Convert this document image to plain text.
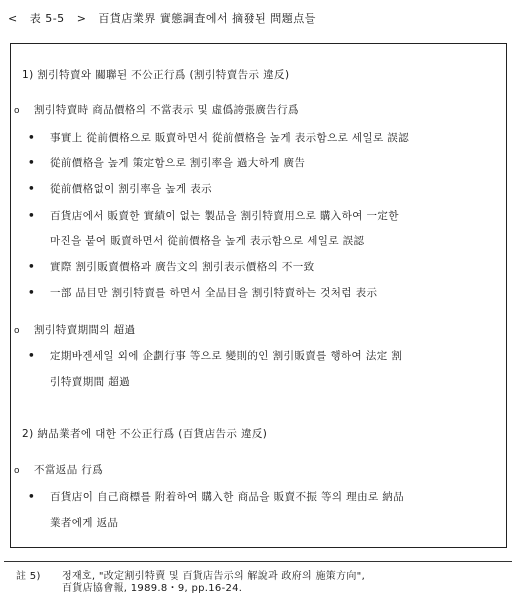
< 表 5-5 > 百貨店業界 實態調査에서 摘發된 問題点들
1) 割引特賣와 關聯된 不公正行爲 (割引特賣告示 違反)
o 割引特賣時 商品價格의 不當表示 및 虛僞誇張廣告行爲
• 事實上 從前價格으로 販賣하면서 從前價格을 높게 表示함으로 세일로 誤認
• 從前價格을 높게 策定함으로 割引率을 過大하게 廣告
• 從前價格없이 割引率을 높게 表示
• 百貨店에서 販賣한 實績이 없는 製品을 割引特賣用으로 購入하여 一定한
마진을 붙여 販賣하면서 從前價格을 높게 表示함으로 세일로 誤認
• 實際 割引販賣價格과 廣告文의 割引表示價格의 不一致
• 一部 品目만 割引特賣를 하면서 全品目을 割引特賣하는 것처럼 表示
o 割引特賣期間의 超過
• 定期바겐세일 외에 企劃行事 等으로 變則的인 割引販賣를 행하여 法定 割
引特賣期間 超過
2) 納品業者에 대한 不公正行爲 (百貨店告示 違反)
o 不當返品 行爲
• 百貨店이 自己商標를 附着하여 購入한 商品을 販賣不振 等의 理由로 納品
業者에게 返品
註 5) 정재호, "改定割引特賣 및 百貨店告示의 解說과 政府의 施策方向",
百貨店協會報, 1989.8・9, pp.16-24.
